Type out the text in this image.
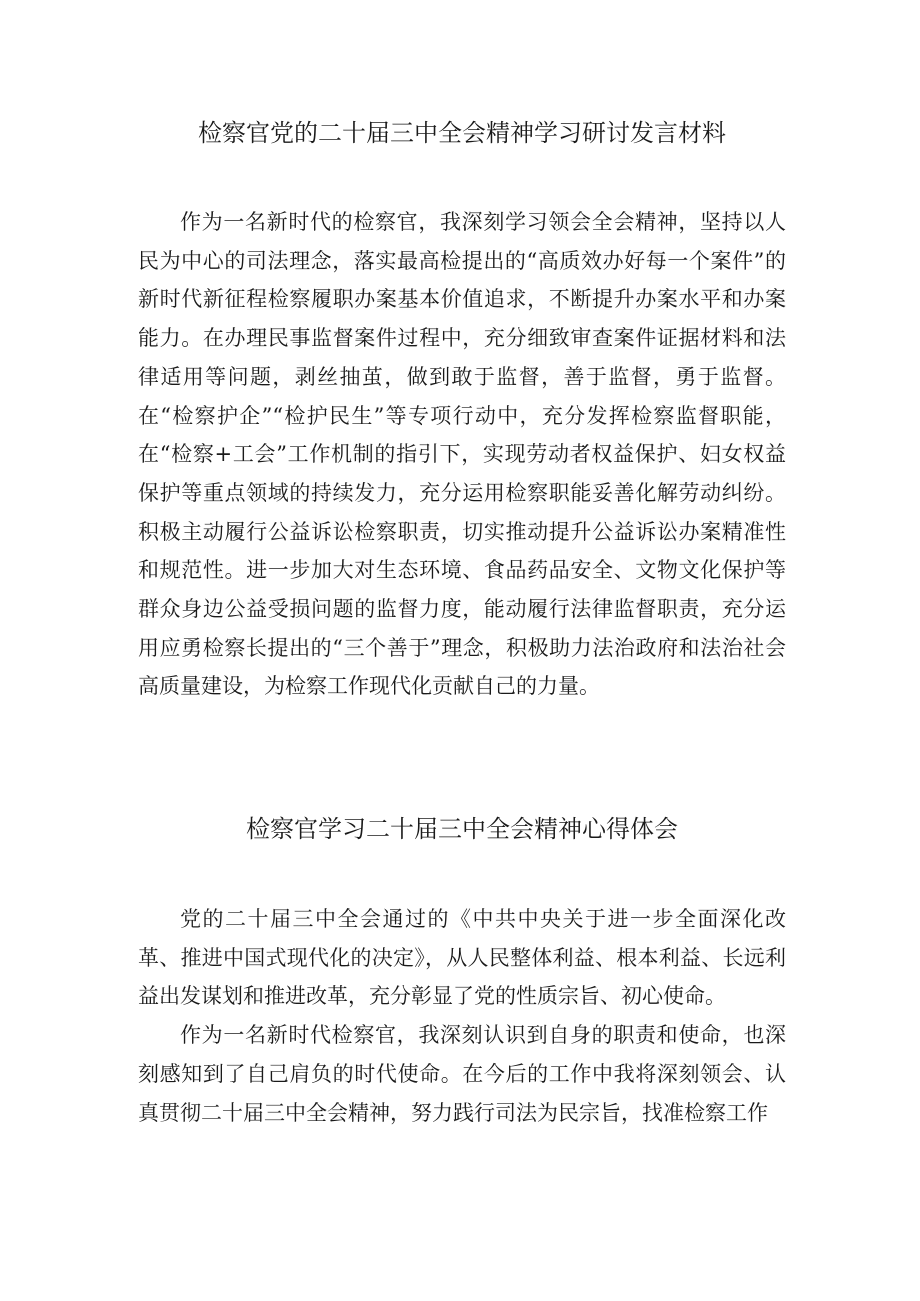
检察官党的二十届三中全会精神学习研讨发言材料

作为一名新时代的检察官，我深刻学习领会全会精神，坚持以人民为中心的司法理念，落实最高检提出的“高质效办好每一个案件”的新时代新征程检察履职办案基本价值追求，不断提升办案水平和办案能力。在办理民事监督案件过程中，充分细致审查案件证据材料和法律适用等问题，剥丝抽茧，做到敢于监督，善于监督，勇于监督。在“检察护企”“检护民生”等专项行动中，充分发挥检察监督职能，在“检察+工会”工作机制的指引下，实现劳动者权益保护、妇女权益保护等重点领域的持续发力，充分运用检察职能妥善化解劳动纠纷。积极主动履行公益诉讼检察职责，切实推动提升公益诉讼办案精准性和规范性。进一步加大对生态环境、食品药品安全、文物文化保护等群众身边公益受损问题的监督力度，能动履行法律监督职责，充分运用应勇检察长提出的“三个善于”理念，积极助力法治政府和法治社会高质量建设，为检察工作现代化贡献自己的力量。

检察官学习二十届三中全会精神心得体会

党的二十届三中全会通过的《中共中央关于进一步全面深化改革、推进中国式现代化的决定》，从人民整体利益、根本利益、长远利益出发谋划和推进改革，充分彰显了党的性质宗旨、初心使命。

作为一名新时代检察官，我深刻认识到自身的职责和使命，也深刻感知到了自己肩负的时代使命。在今后的工作中我将深刻领会、认真贯彻二十届三中全会精神，努力践行司法为民宗旨，找准检察工作
